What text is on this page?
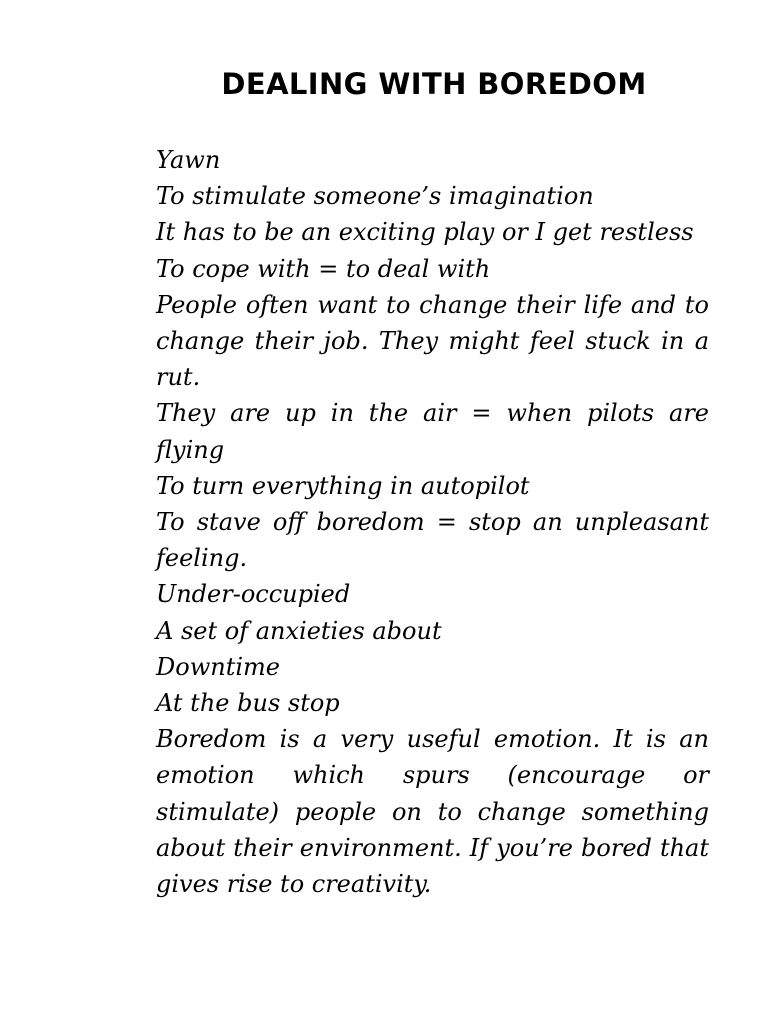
DEALING WITH BOREDOM

Yawn

To stimulate someone’s imagination

It has to be an exciting play or I get restless

To cope with = to deal with

People often want to change their life and to change their job. They might feel stuck in a rut.

They are up in the air = when pilots are flying

To turn everything in autopilot

To stave off boredom = stop an unpleasant feeling.

Under-occupied

A set of anxieties about

Downtime

At the bus stop

Boredom is a very useful emotion. It is an emotion which spurs (encourage or stimulate) people on to change something about their environment. If you’re bored that gives rise to creativity.
